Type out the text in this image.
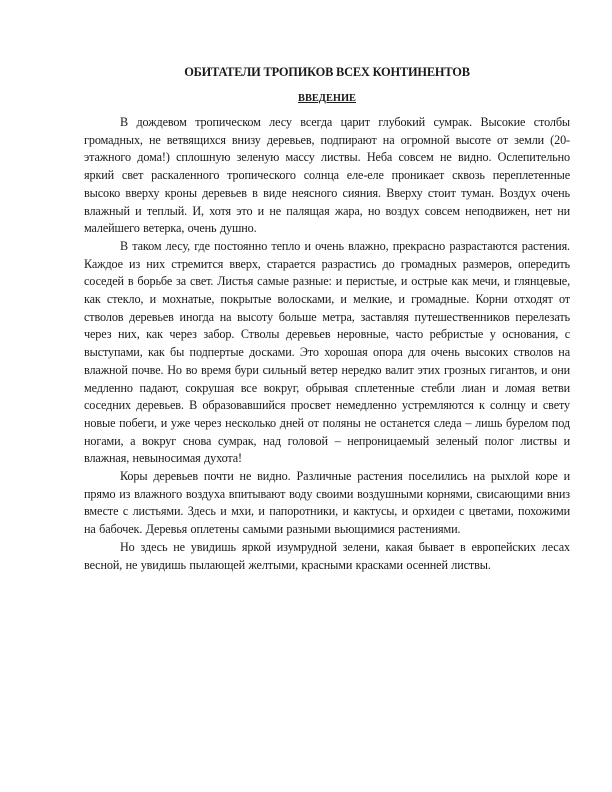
ОБИТАТЕЛИ ТРОПИКОВ ВСЕХ КОНТИНЕНТОВ
ВВЕДЕНИЕ

В дождевом тропическом лесу всегда царит глубокий сумрак. Высокие столбы громадных, не ветвящихся внизу деревьев, подпирают на огромной высоте от земли (20-этажного дома!) сплошную зеленую массу листвы. Неба совсем не видно. Ослепительно яркий свет раскаленного тропического солнца еле-еле проникает сквозь переплетенные высоко вверху кроны деревьев в виде неясного сияния. Вверху стоит туман. Воздух очень влажный и теплый. И, хотя это и не палящая жара, но воздух совсем неподвижен, нет ни малейшего ветерка, очень душно.

В таком лесу, где постоянно тепло и очень влажно, прекрасно разрастаются растения. Каждое из них стремится вверх, старается разрастись до громадных размеров, опередить соседей в борьбе за свет. Листья самые разные: и перистые, и острые как мечи, и глянцевые, как стекло, и мохнатые, покрытые волосками, и мелкие, и громадные. Корни отходят от стволов деревьев иногда на высоту больше метра, заставляя путешественников перелезать через них, как через забор. Стволы деревьев неровные, часто ребристые у основания, с выступами, как бы подпертые досками. Это хорошая опора для очень высоких стволов на влажной почве. Но во время бури сильный ветер нередко валит этих грозных гигантов, и они медленно падают, сокрушая все вокруг, обрывая сплетенные стебли лиан и ломая ветви соседних деревьев. В образовавшийся просвет немедленно устремляются к солнцу и свету новые побеги, и уже через несколько дней от поляны не останется следа – лишь бурелом под ногами, а вокруг снова сумрак, над головой – непроницаемый зеленый полог листвы и влажная, невыносимая духота!

Коры деревьев почти не видно. Различные растения поселились на рыхлой коре и прямо из влажного воздуха впитывают воду своими воздушными корнями, свисающими вниз вместе с листьями. Здесь и мхи, и папоротники, и кактусы, и орхидеи с цветами, похожими на бабочек. Деревья оплетены самыми разными вьющимися растениями.

Но здесь не увидишь яркой изумрудной зелени, какая бывает в европейских лесах весной, не увидишь пылающей желтыми, красными красками осенней листвы.
